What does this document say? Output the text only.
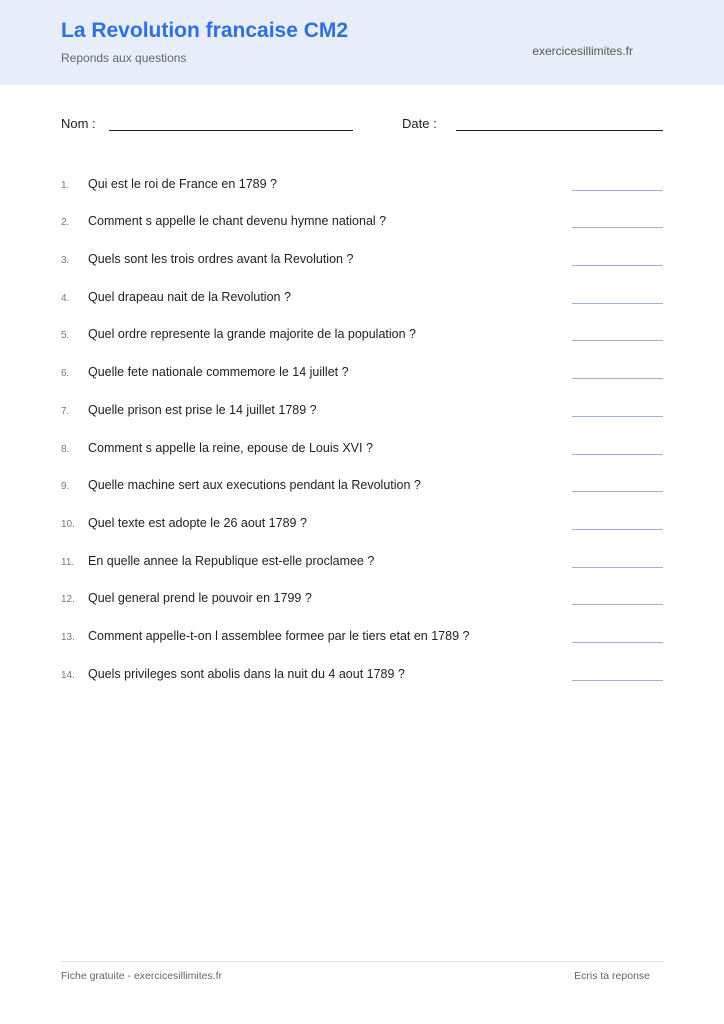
La Revolution francaise CM2
Reponds aux questions	exercicesillimites.fr
Nom :	Date :
1.	Qui est le roi de France en 1789 ?
2.	Comment s appelle le chant devenu hymne national ?
3.	Quels sont les trois ordres avant la Revolution ?
4.	Quel drapeau nait de la Revolution ?
5.	Quel ordre represente la grande majorite de la population ?
6.	Quelle fete nationale commemore le 14 juillet ?
7.	Quelle prison est prise le 14 juillet 1789 ?
8.	Comment s appelle la reine, epouse de Louis XVI ?
9.	Quelle machine sert aux executions pendant la Revolution ?
10.	Quel texte est adopte le 26 aout 1789 ?
11.	En quelle annee la Republique est-elle proclamee ?
12.	Quel general prend le pouvoir en 1799 ?
13.	Comment appelle-t-on l assemblee formee par le tiers etat en 1789 ?
14.	Quels privileges sont abolis dans la nuit du 4 aout 1789 ?
Fiche gratuite - exercicesillimites.fr	Ecris ta reponse
